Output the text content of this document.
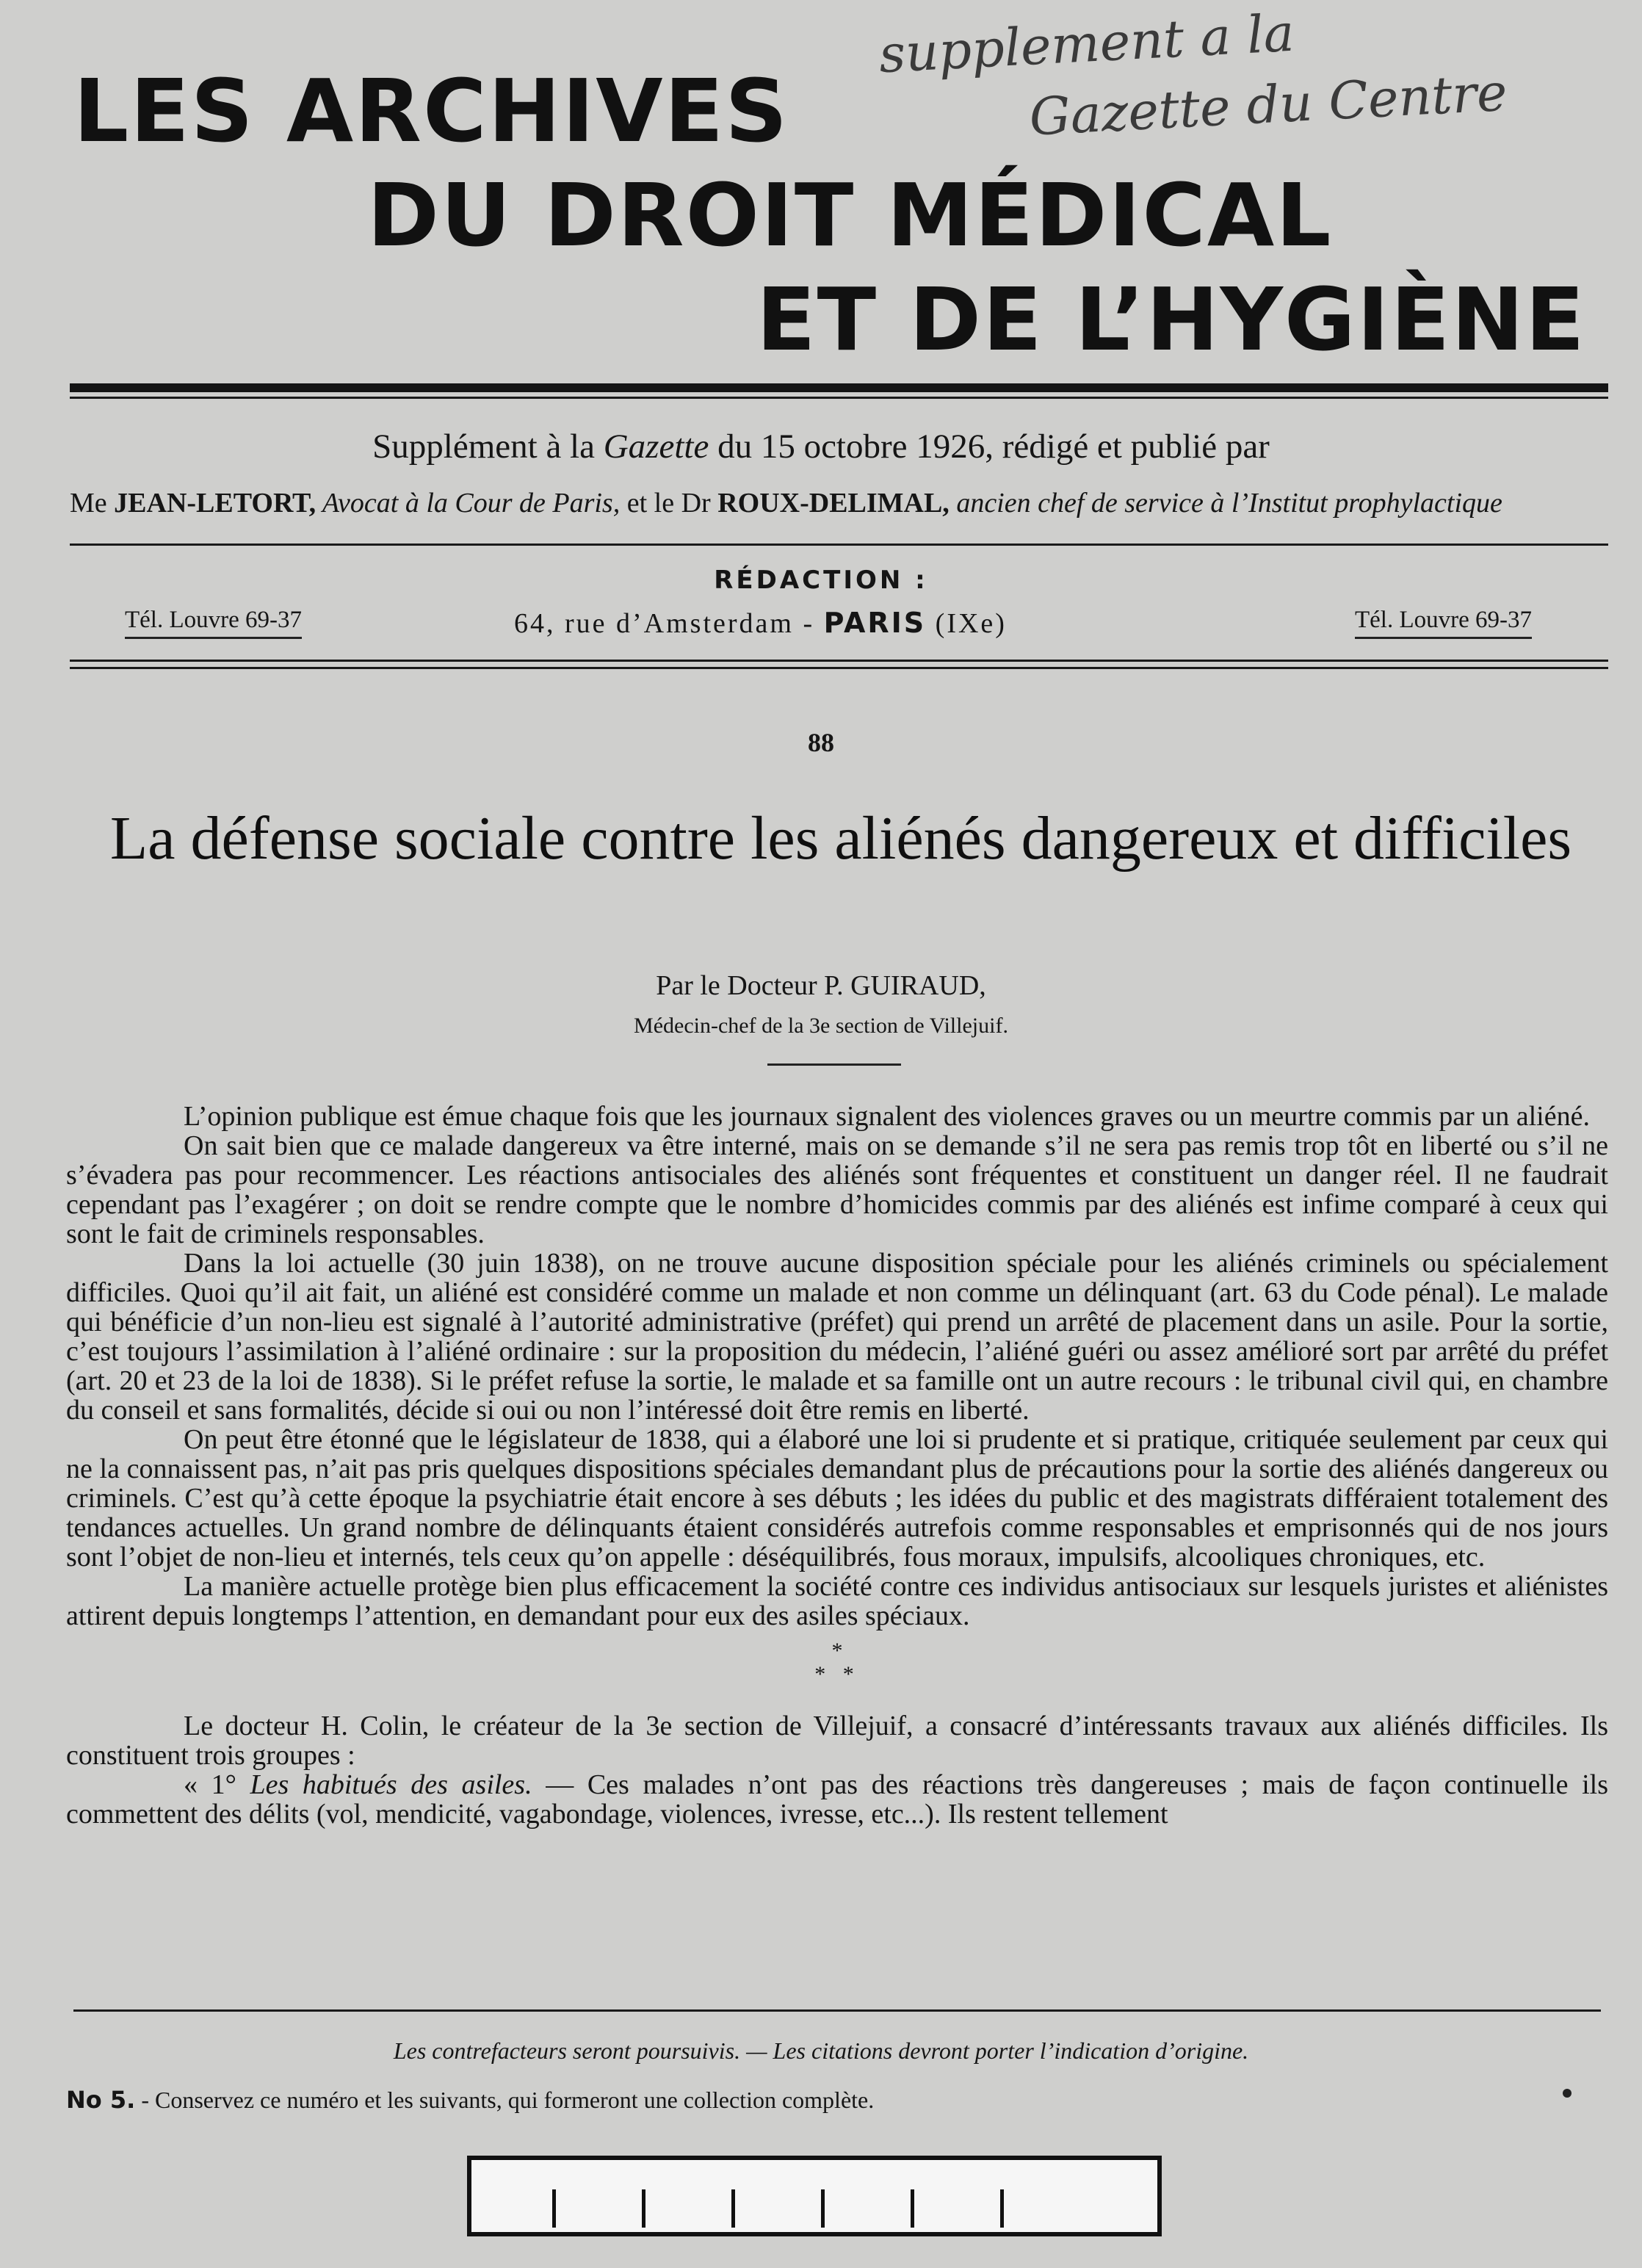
supplement a la
Gazette du Centre
LES ARCHIVES
DU DROIT MÉDICAL
ET DE L’HYGIÈNE
Supplément à la Gazette du 15 octobre 1926, rédigé et publié par
Me JEAN-LETORT, Avocat à la Cour de Paris, et le Dr ROUX-DELIMAL, ancien chef de service à l’Institut prophylactique
RÉDACTION :
Tél. Louvre 69-37	64, rue d’Amsterdam - PARIS (IXe)	Tél. Louvre 69-37
88
La défense sociale contre les aliénés dangereux et difficiles
Par le Docteur P. GUIRAUD,
Médecin-chef de la 3e section de Villejuif.

L’opinion publique est émue chaque fois que les journaux signalent des violences graves ou un meurtre commis par un aliéné.

On sait bien que ce malade dangereux va être interné, mais on se demande s’il ne sera pas remis trop tôt en liberté ou s’il ne s’évadera pas pour recommencer. Les réactions antisociales des aliénés sont fréquentes et constituent un danger réel. Il ne faudrait cependant pas l’exagérer ; on doit se rendre compte que le nombre d’homicides commis par des aliénés est infime comparé à ceux qui sont le fait de criminels responsables.

Dans la loi actuelle (30 juin 1838), on ne trouve aucune disposition spéciale pour les aliénés criminels ou spécialement difficiles. Quoi qu’il ait fait, un aliéné est considéré comme un malade et non comme un délinquant (art. 63 du Code pénal). Le malade qui bénéficie d’un non-lieu est signalé à l’autorité administrative (préfet) qui prend un arrêté de placement dans un asile. Pour la sortie, c’est toujours l’assimilation à l’aliéné ordinaire : sur la proposition du médecin, l’aliéné guéri ou assez amélioré sort par arrêté du préfet (art. 20 et 23 de la loi de 1838). Si le préfet refuse la sortie, le malade et sa famille ont un autre recours : le tribunal civil qui, en chambre du conseil et sans formalités, décide si oui ou non l’intéressé doit être remis en liberté.

On peut être étonné que le législateur de 1838, qui a élaboré une loi si prudente et si pratique, critiquée seulement par ceux qui ne la connaissent pas, n’ait pas pris quelques dispositions spéciales demandant plus de précautions pour la sortie des aliénés dangereux ou criminels. C’est qu’à cette époque la psychiatrie était encore à ses débuts ; les idées du public et des magistrats différaient totalement des tendances actuelles. Un grand nombre de délinquants étaient considérés autrefois comme responsables et emprisonnés qui de nos jours sont l’objet de non-lieu et internés, tels ceux qu’on appelle : déséquilibrés, fous moraux, impulsifs, alcooliques chroniques, etc.

La manière actuelle protège bien plus efficacement la société contre ces individus antisociaux sur lesquels juristes et aliénistes attirent depuis longtemps l’attention, en demandant pour eux des asiles spéciaux.

*
* *

Le docteur H. Colin, le créateur de la 3e section de Villejuif, a consacré d’intéressants travaux aux aliénés difficiles. Ils constituent trois groupes :

« 1° Les habitués des asiles. — Ces malades n’ont pas des réactions très dangereuses ; mais de façon continuelle ils commettent des délits (vol, mendicité, vagabondage, violences, ivresse, etc...). Ils restent tellement

Les contrefacteurs seront poursuivis. — Les citations devront porter l’indication d’origine.
No 5. - Conservez ce numéro et les suivants, qui formeront une collection complète.
